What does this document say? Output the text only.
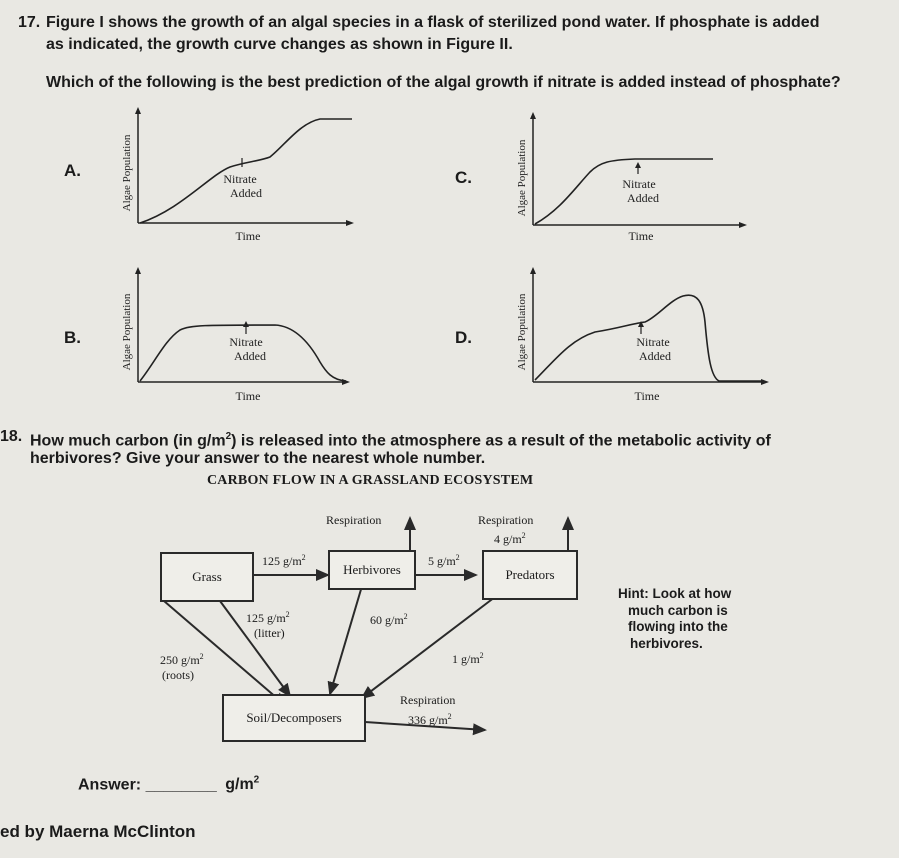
17. Figure I shows the growth of an algal species in a flask of sterilized pond water. If phosphate is added
as indicated, the growth curve changes as shown in Figure II.
Which of the following is the best prediction of the algal growth if nitrate is added instead of phosphate?
A.	Algae Population	Nitrate
Added
Time
C.	Algae Population	Nitrate
Added
Time
B.	Algae Population	Nitrate
Added
Time
D.	Algae Population	Nitrate
Added
Time
18. How much carbon (in $g/m^2$) is released into the atmosphere as a result of the metabolic activity of
herbivores? Give your answer to the nearest whole number.
CARBON FLOW IN A GRASSLAND ECOSYSTEM
Grass	Herbivores	Predators
Soil/Decomposers
Respiration	Respiration
4 $g/m^2$
125 $g/m^2$	5 $g/m^2$
125 $g/m^2$
(litter)
60 $g/m^2$
250 $g/m^2$
(roots)
1 $g/m^2$
Respiration
336 $g/m^2$
Hint: Look at how
much carbon is
flowing into the
herbivores.
Answer: ________ $g/m^2$
ed by Maerna McClinton
